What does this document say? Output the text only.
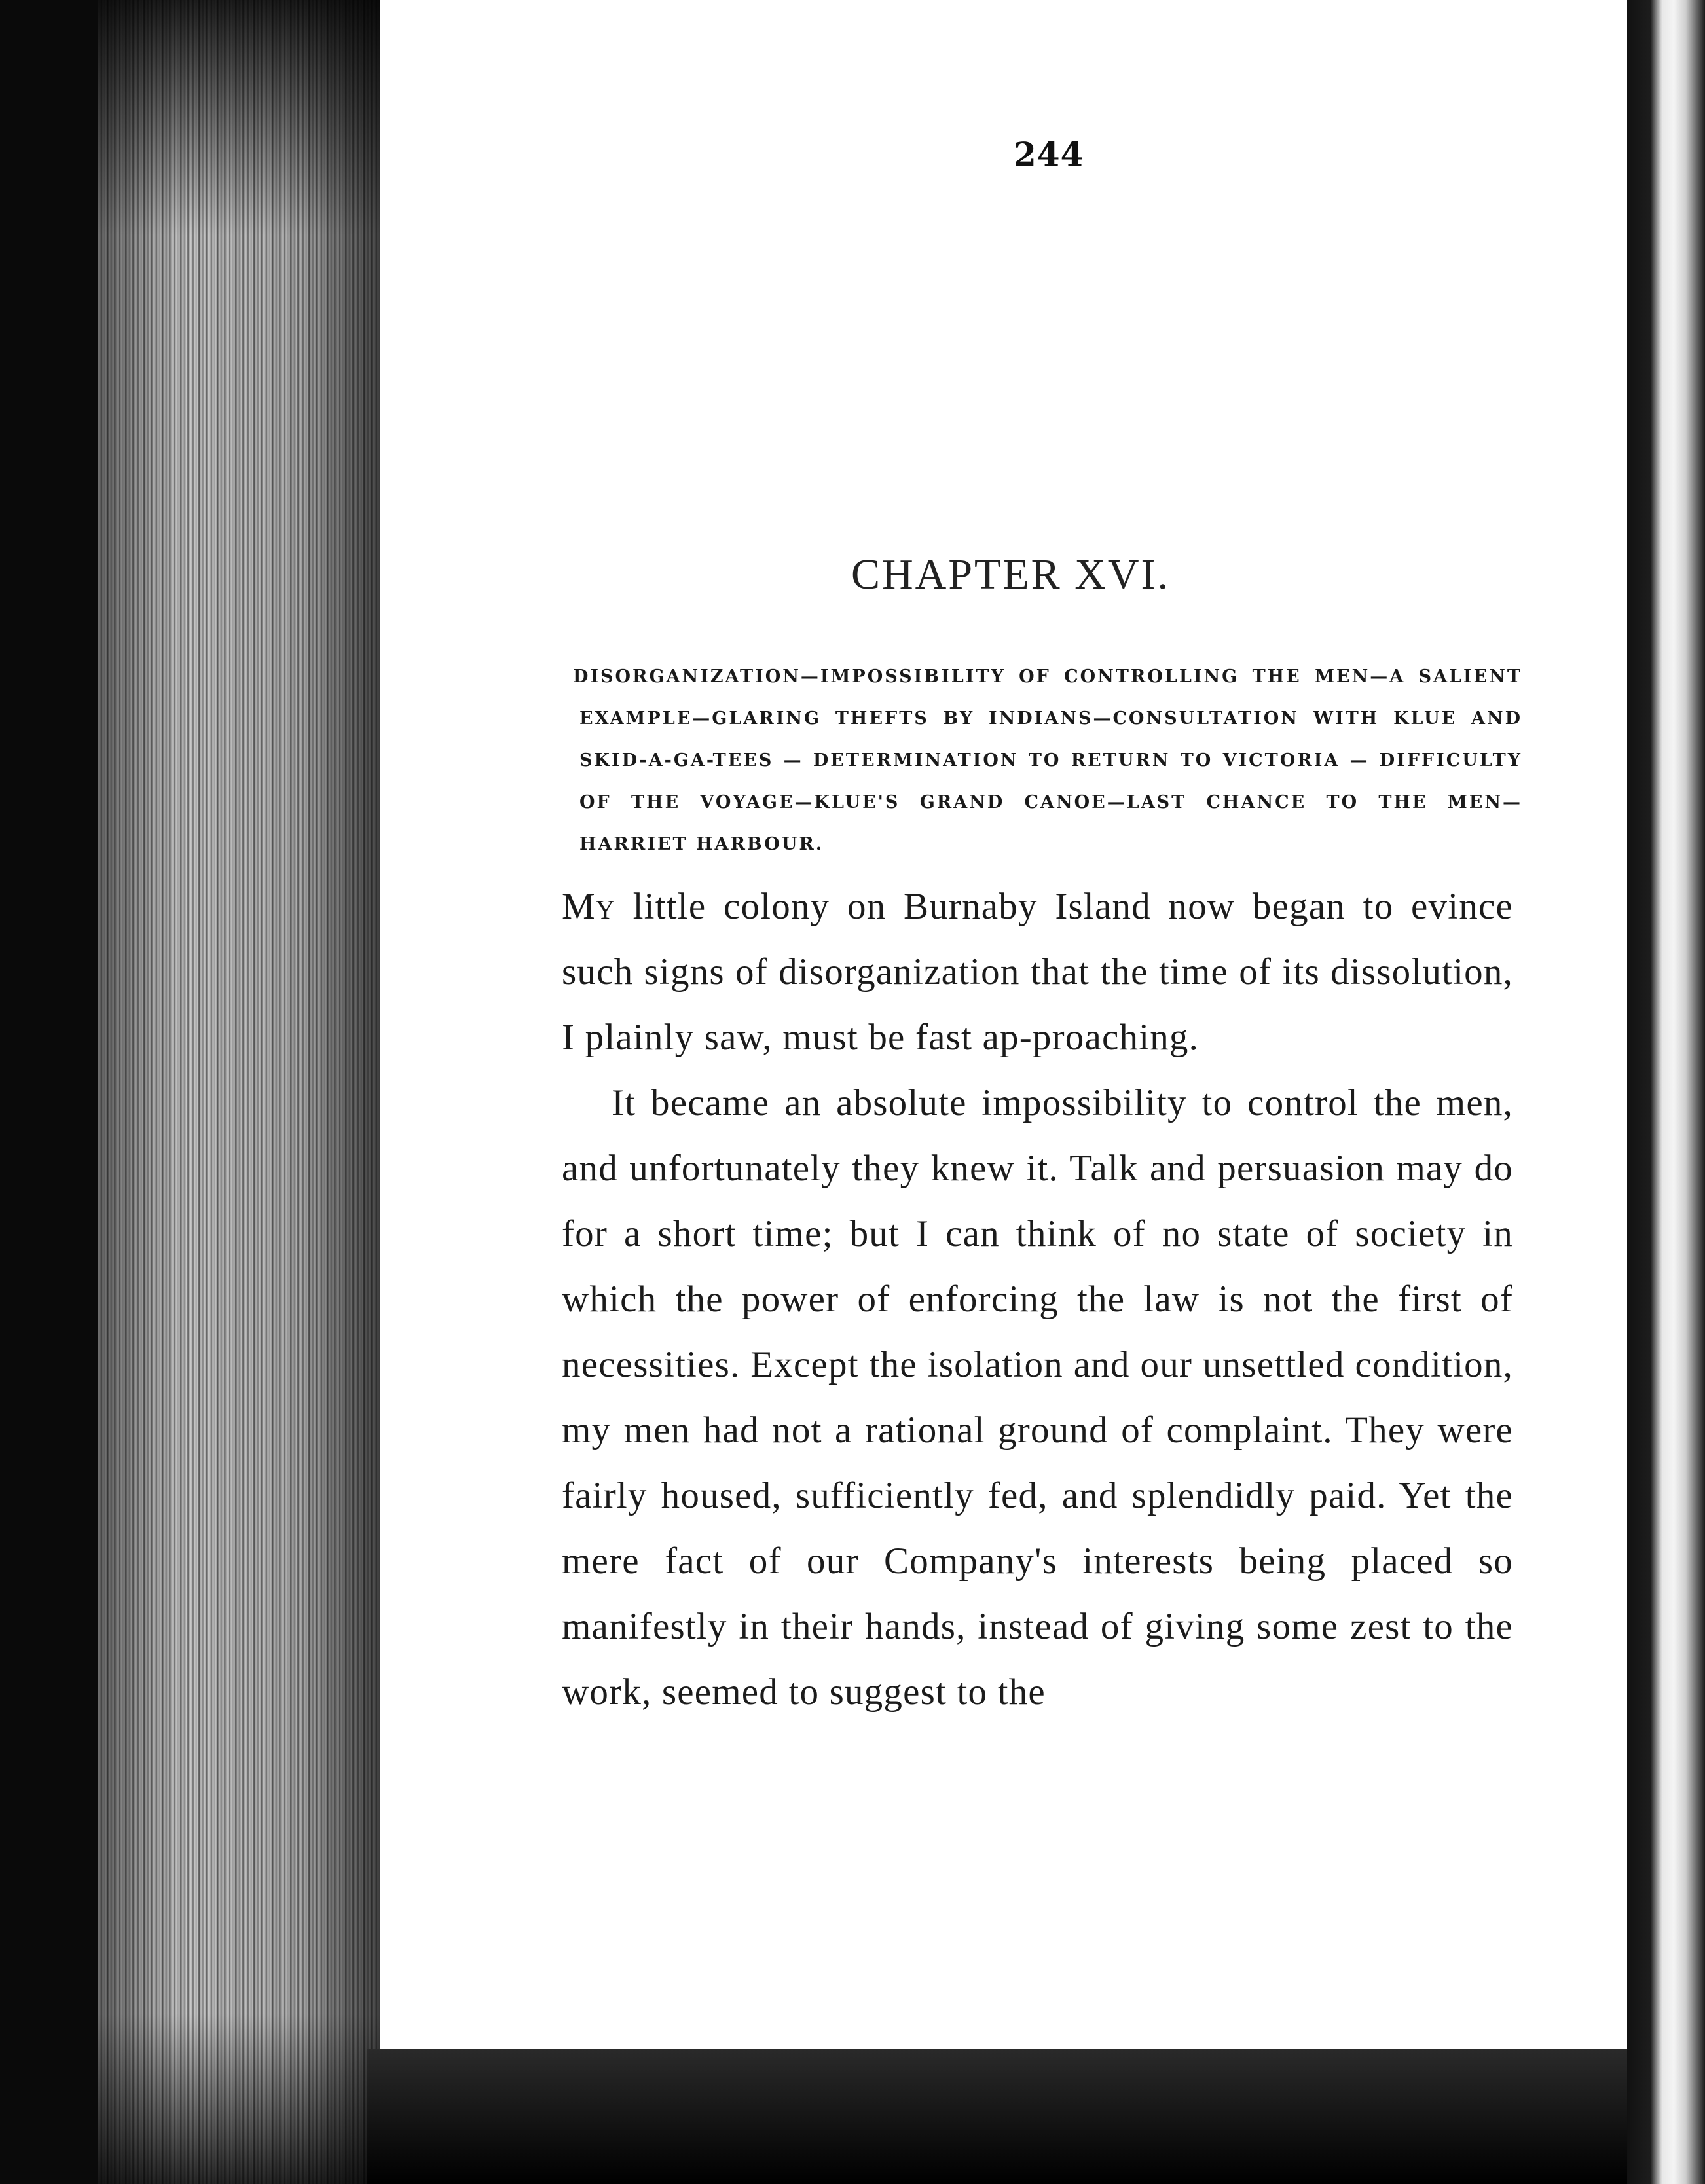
244
CHAPTER XVI.
DISORGANIZATION—IMPOSSIBILITY OF CONTROLLING THE MEN—A SALIENT EXAMPLE—GLARING THEFTS BY INDIANS—CONSULTATION WITH KLUE AND SKID-A-GA-TEES — DETERMINATION TO RETURN TO VICTORIA — DIFFICULTY OF THE VOYAGE—KLUE'S GRAND CANOE—LAST CHANCE TO THE MEN—HARRIET HARBOUR.

My little colony on Burnaby Island now began to evince such signs of disorganization that the time of its dissolution, I plainly saw, must be fast ap-proaching.

It became an absolute impossibility to control the men, and unfortunately they knew it. Talk and persuasion may do for a short time; but I can think of no state of society in which the power of enforcing the law is not the first of necessities. Except the isolation and our unsettled condition, my men had not a rational ground of complaint. They were fairly housed, sufficiently fed, and splendidly paid. Yet the mere fact of our Company's interests being placed so manifestly in their hands, instead of giving some zest to the work, seemed to suggest to the
